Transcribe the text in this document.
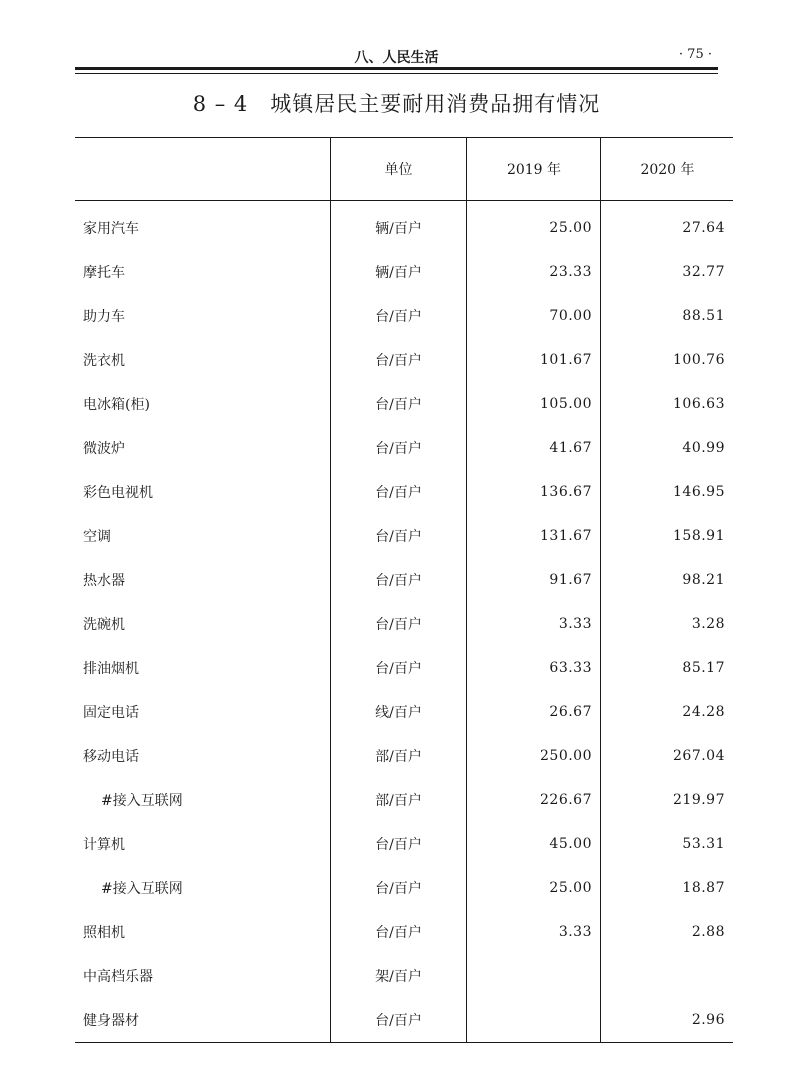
八、人民生活	· 75 ·
8 – 4 城镇居民主要耐用消费品拥有情况
	单位	2019 年	2020 年
家用汽车	辆/百户	25.00	27.64
摩托车	辆/百户	23.33	32.77
助力车	台/百户	70.00	88.51
洗衣机	台/百户	101.67	100.76
电冰箱(柜)	台/百户	105.00	106.63
微波炉	台/百户	41.67	40.99
彩色电视机	台/百户	136.67	146.95
空调	台/百户	131.67	158.91
热水器	台/百户	91.67	98.21
洗碗机	台/百户	3.33	3.28
排油烟机	台/百户	63.33	85.17
固定电话	线/百户	26.67	24.28
移动电话	部/百户	250.00	267.04
#接入互联网	部/百户	226.67	219.97
计算机	台/百户	45.00	53.31
#接入互联网	台/百户	25.00	18.87
照相机	台/百户	3.33	2.88
中高档乐器	架/百户		
健身器材	台/百户		2.96
